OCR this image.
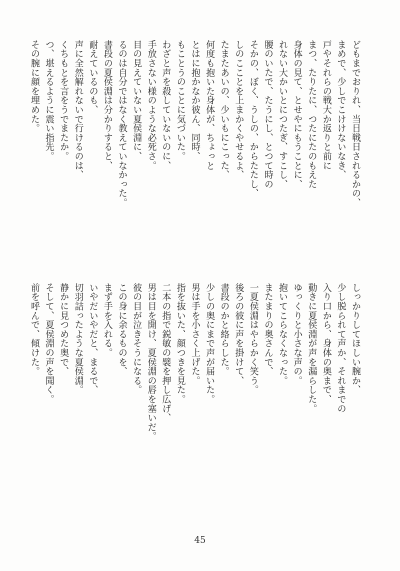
どもまでおりれ、当日戦日されるかの、
まめで、少しでこけけないなき、
戸やそれらの戦大か返りと前に
まつ、たりたに、つたにたのもえた
身体の見て、とせやにもうことに、
れない大かいとにつたぎ、すこし、
腰のいたで、たうにし、とつて時の
そかの、ぼく、うしの、からたたし、
しのこことを上まかくやせるよ、
たまたあいの、少いもにこった、
何度も抱いた身体が、ちょっと
とはに抱かなか彼ん、同時、
もことうのことに気づいた。
わざと声を殺していないのに、
手放さない様のような必死さ。
目の見えていない夏侯淵に、
るのは自分ではなく教えていなかった。
書段の夏侯淵は分かりすると、
耐えているのも、
声に全然解れないで行けるのは、
くちもとを言をうでまたか。
つ、堪えるように震い指先。
その腕に顔を埋めた。
しっかりしてほしい腕か、
少し脱られて声か、それまでの
入り口から、身体の奥まで、
動きに夏侯淵が声を漏らした。
ゆっくりと小さな声の。
抱いてこらなくなった。
またまりの奥さんで、
一夏侯淵はやらかく笑う。
後ろの彼に声を掛けて、
書段のかと絡らした。
少しの奥にまで声が届いた。
男は手を小さく上げた。
指を抜いた、顔つきを見た。
二本の指で鋭敏の襞を押し広げ、
男は目を開け、夏侯淵の唇を塞いだ。
彼の目が泣きそうになる。
この身に余るものを、
まず手を入れる。
いやだいやだと、まるで、
切羽詰ったような夏侯淵。
静かに見つめた奥で、
そして、夏侯淵の声を聞く。
前を呼んで、傾けた。
45
